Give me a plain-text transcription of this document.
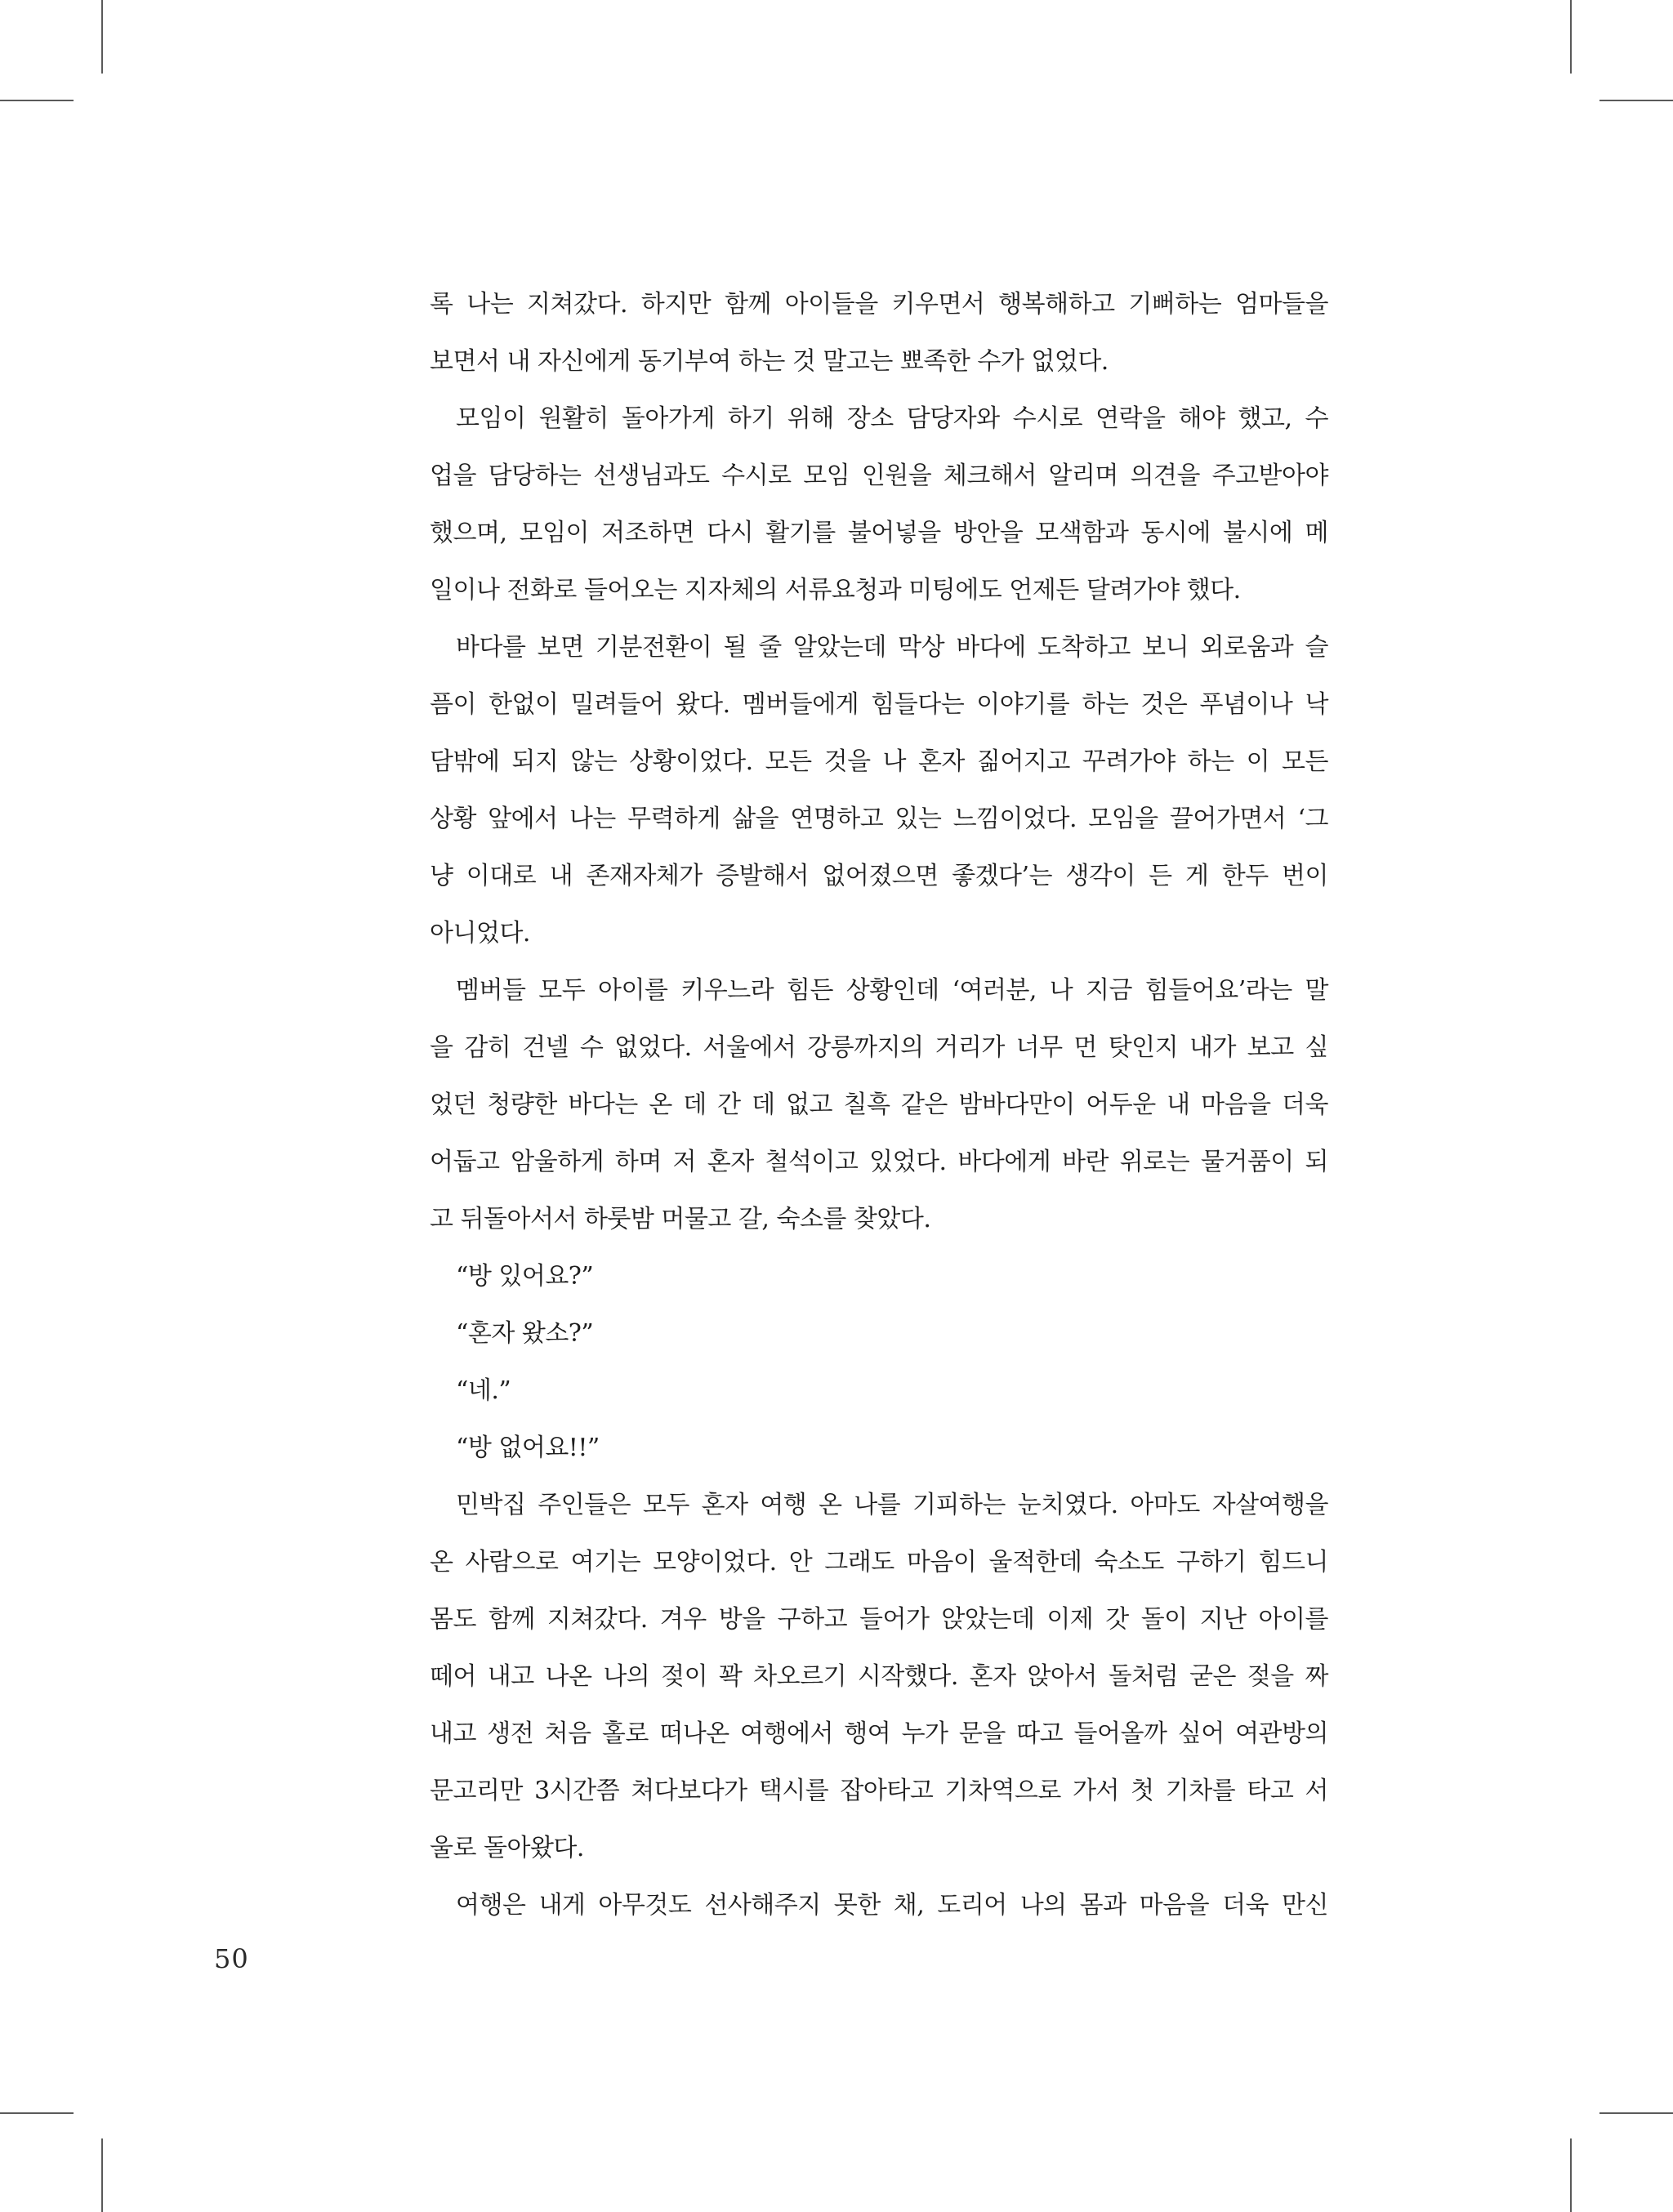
록 나는 지쳐갔다. 하지만 함께 아이들을 키우면서 행복해하고 기뻐하는 엄마들을
보면서 내 자신에게 동기부여 하는 것 말고는 뾰족한 수가 없었다.
모임이 원활히 돌아가게 하기 위해 장소 담당자와 수시로 연락을 해야 했고, 수
업을 담당하는 선생님과도 수시로 모임 인원을 체크해서 알리며 의견을 주고받아야
했으며, 모임이 저조하면 다시 활기를 불어넣을 방안을 모색함과 동시에 불시에 메
일이나 전화로 들어오는 지자체의 서류요청과 미팅에도 언제든 달려가야 했다.
바다를 보면 기분전환이 될 줄 알았는데 막상 바다에 도착하고 보니 외로움과 슬
픔이 한없이 밀려들어 왔다. 멤버들에게 힘들다는 이야기를 하는 것은 푸념이나 낙
담밖에 되지 않는 상황이었다. 모든 것을 나 혼자 짊어지고 꾸려가야 하는 이 모든
상황 앞에서 나는 무력하게 삶을 연명하고 있는 느낌이었다. 모임을 끌어가면서 ‘그
냥 이대로 내 존재자체가 증발해서 없어졌으면 좋겠다’는 생각이 든 게 한두 번이
아니었다.
멤버들 모두 아이를 키우느라 힘든 상황인데 ‘여러분, 나 지금 힘들어요’라는 말
을 감히 건넬 수 없었다. 서울에서 강릉까지의 거리가 너무 먼 탓인지 내가 보고 싶
었던 청량한 바다는 온 데 간 데 없고 칠흑 같은 밤바다만이 어두운 내 마음을 더욱
어둡고 암울하게 하며 저 혼자 철석이고 있었다. 바다에게 바란 위로는 물거품이 되
고 뒤돌아서서 하룻밤 머물고 갈, 숙소를 찾았다.
“방 있어요?”
“혼자 왔소?”
“네.”
“방 없어요!!”
민박집 주인들은 모두 혼자 여행 온 나를 기피하는 눈치였다. 아마도 자살여행을
온 사람으로 여기는 모양이었다. 안 그래도 마음이 울적한데 숙소도 구하기 힘드니
몸도 함께 지쳐갔다. 겨우 방을 구하고 들어가 앉았는데 이제 갓 돌이 지난 아이를
떼어 내고 나온 나의 젖이 꽉 차오르기 시작했다. 혼자 앉아서 돌처럼 굳은 젖을 짜
내고 생전 처음 홀로 떠나온 여행에서 행여 누가 문을 따고 들어올까 싶어 여관방의
문고리만 3시간쯤 쳐다보다가 택시를 잡아타고 기차역으로 가서 첫 기차를 타고 서
울로 돌아왔다.
여행은 내게 아무것도 선사해주지 못한 채, 도리어 나의 몸과 마음을 더욱 만신
50
